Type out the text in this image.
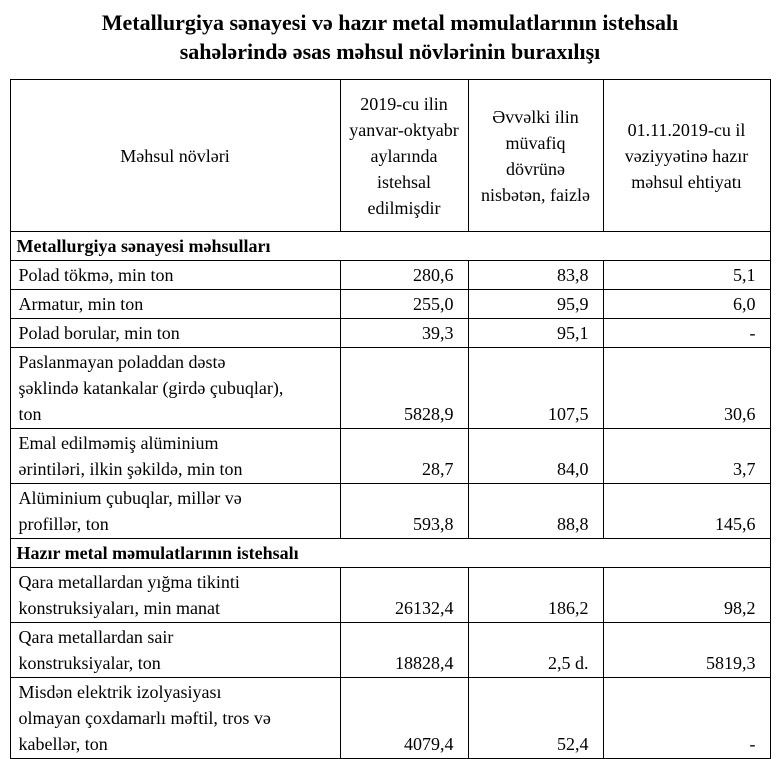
Metallurgiya sənayesi və hazır metal məmulatlarının istehsalı
sahələrində əsas məhsul növlərinin buraxılışı
Məhsul növləri	2019-cu ilin yanvar-oktyabr aylarında istehsal edilmişdir	Əvvəlki ilin müvafiq dövrünə nisbətən, faizlə	01.11.2019-cu il vəziyyətinə hazır məhsul ehtiyatı
Metallurgiya sənayesi məhsulları			
Polad tökmə, min ton	280,6	83,8	5,1
Armatur, min ton	255,0	95,9	6,0
Polad borular, min ton	39,3	95,1	-
Paslanmayan poladdan dəstə şəklində katankalar (girdə çubuqlar), ton	5828,9	107,5	30,6
Emal edilməmiş alüminium ərintiləri, ilkin şəkildə, min ton	28,7	84,0	3,7
Alüminium çubuqlar, millər və profillər, ton	593,8	88,8	145,6
Hazır metal məmulatlarının istehsalı			
Qara metallardan yığma tikinti konstruksiyaları, min manat	26132,4	186,2	98,2
Qara metallardan sair konstruksiyalar, ton	18828,4	2,5 d.	5819,3
Misdən elektrik izolyasiyası olmayan çoxdamarlı məftil, tros və kabellər, ton	4079,4	52,4	-
